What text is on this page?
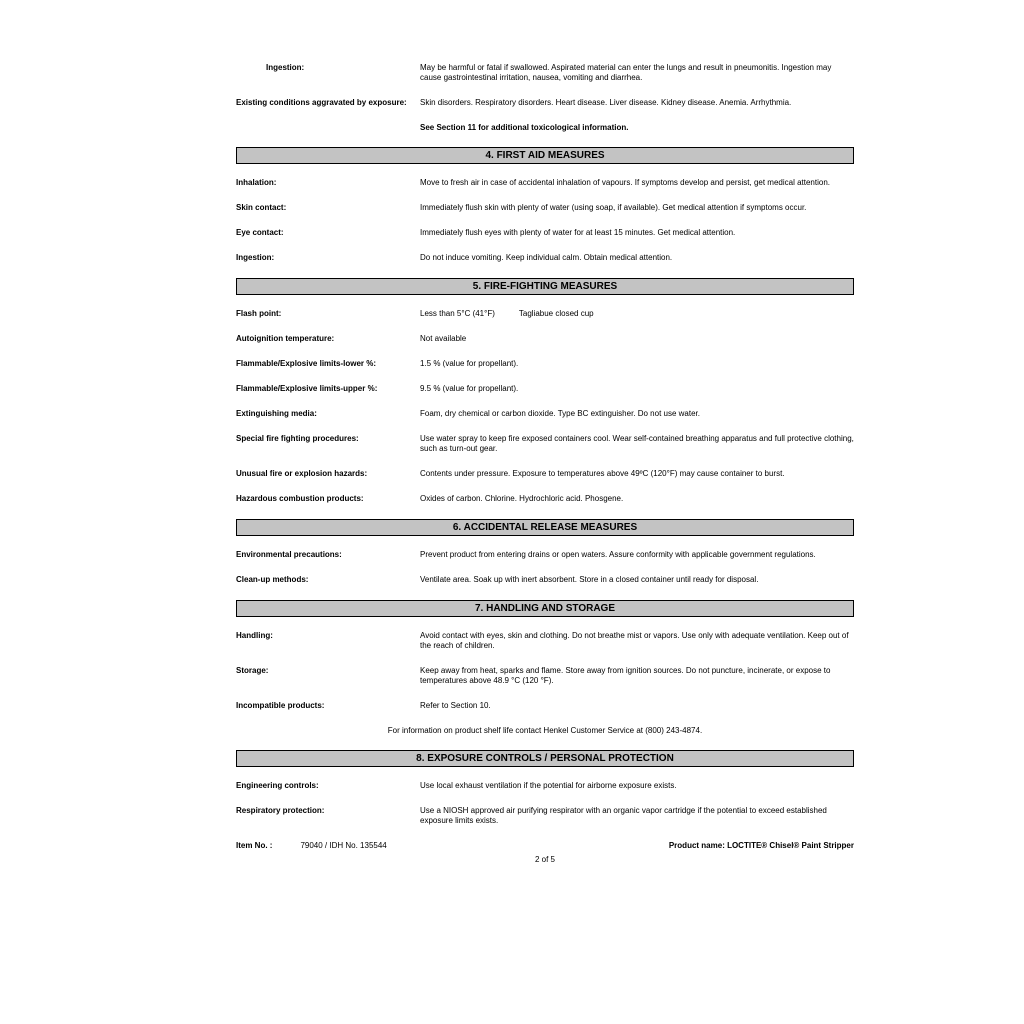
Ingestion:	May be harmful or fatal if swallowed. Aspirated material can enter the lungs and result in pneumonitis. Ingestion may cause gastrointestinal irritation, nausea, vomiting and diarrhea.
Existing conditions aggravated by exposure:	Skin disorders. Respiratory disorders. Heart disease. Liver disease. Kidney disease. Anemia. Arrhythmia.
See Section 11 for additional toxicological information.
4. FIRST AID MEASURES
Inhalation:	Move to fresh air in case of accidental inhalation of vapours. If symptoms develop and persist, get medical attention.
Skin contact:	Immediately flush skin with plenty of water (using soap, if available). Get medical attention if symptoms occur.
Eye contact:	Immediately flush eyes with plenty of water for at least 15 minutes. Get medical attention.
Ingestion:	Do not induce vomiting. Keep individual calm. Obtain medical attention.
5. FIRE-FIGHTING MEASURES
Flash point:	Less than 5°C (41°F)	Tagliabue closed cup
Autoignition temperature:	Not available
Flammable/Explosive limits-lower %:	1.5 % (value for propellant).
Flammable/Explosive limits-upper %:	9.5 % (value for propellant).
Extinguishing media:	Foam, dry chemical or carbon dioxide. Type BC extinguisher. Do not use water.
Special fire fighting procedures:	Use water spray to keep fire exposed containers cool. Wear self-contained breathing apparatus and full protective clothing, such as turn-out gear.
Unusual fire or explosion hazards:	Contents under pressure. Exposure to temperatures above 49ºC (120°F) may cause container to burst.
Hazardous combustion products:	Oxides of carbon. Chlorine. Hydrochloric acid. Phosgene.
6. ACCIDENTAL RELEASE MEASURES
Environmental precautions:	Prevent product from entering drains or open waters. Assure conformity with applicable government regulations.
Clean-up methods:	Ventilate area. Soak up with inert absorbent. Store in a closed container until ready for disposal.
7. HANDLING AND STORAGE
Handling:	Avoid contact with eyes, skin and clothing. Do not breathe mist or vapors. Use only with adequate ventilation. Keep out of the reach of children.
Storage:	Keep away from heat, sparks and flame. Store away from ignition sources. Do not puncture, incinerate, or expose to temperatures above 48.9 °C (120 °F).
Incompatible products:	Refer to Section 10.
For information on product shelf life contact Henkel Customer Service at (800) 243-4874.
8. EXPOSURE CONTROLS / PERSONAL PROTECTION
Engineering controls:	Use local exhaust ventilation if the potential for airborne exposure exists.
Respiratory protection:	Use a NIOSH approved air purifying respirator with an organic vapor cartridge if the potential to exceed established exposure limits exists.
Item No. :	79040 / IDH No. 135544	Product name: LOCTITE® Chisel® Paint Stripper
2 of 5
